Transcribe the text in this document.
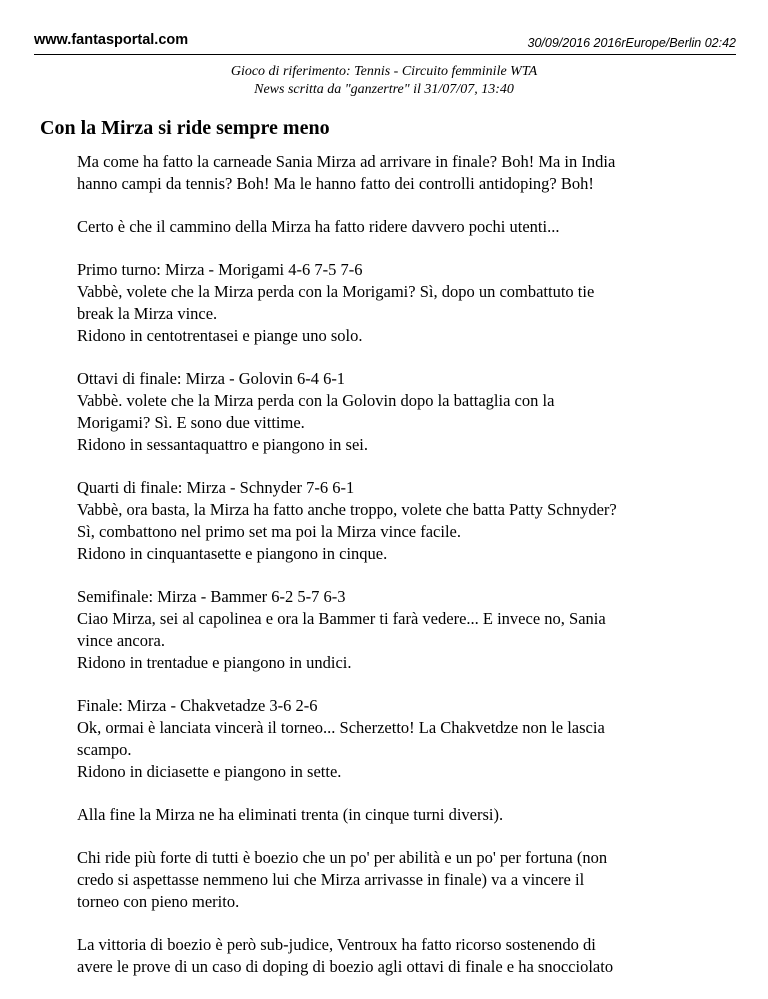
www.fantasportal.com	30/09/2016 2016rEurope/Berlin 02:42
Gioco di riferimento: Tennis - Circuito femminile WTA
News scritta da "ganzertre" il 31/07/07, 13:40
Con la Mirza si ride sempre meno

Ma come ha fatto la carneade Sania Mirza ad arrivare in finale? Boh! Ma in India
hanno campi da tennis? Boh! Ma le hanno fatto dei controlli antidoping? Boh!

Certo è che il cammino della Mirza ha fatto ridere davvero pochi utenti...

Primo turno: Mirza - Morigami 4-6 7-5 7-6
Vabbè, volete che la Mirza perda con la Morigami? Sì, dopo un combattuto tie
break la Mirza vince.
Ridono in centotrentasei e piange uno solo.

Ottavi di finale: Mirza - Golovin 6-4 6-1
Vabbè. volete che la Mirza perda con la Golovin dopo la battaglia con la
Morigami? Sì. E sono due vittime.
Ridono in sessantaquattro e piangono in sei.

Quarti di finale: Mirza - Schnyder 7-6 6-1
Vabbè, ora basta, la Mirza ha fatto anche troppo, volete che batta Patty Schnyder?
Sì, combattono nel primo set ma poi la Mirza vince facile.
Ridono in cinquantasette e piangono in cinque.

Semifinale: Mirza - Bammer 6-2 5-7 6-3
Ciao Mirza, sei al capolinea e ora la Bammer ti farà vedere... E invece no, Sania
vince ancora.
Ridono in trentadue e piangono in undici.

Finale: Mirza - Chakvetadze 3-6 2-6
Ok, ormai è lanciata vincerà il torneo... Scherzetto! La Chakvetdze non le lascia
scampo.
Ridono in diciasette e piangono in sette.

Alla fine la Mirza ne ha eliminati trenta (in cinque turni diversi).

Chi ride più forte di tutti è boezio che un po' per abilità e un po' per fortuna (non
credo si aspettasse nemmeno lui che Mirza arrivasse in finale) va a vincere il
torneo con pieno merito.

La vittoria di boezio è però sub-judice, Ventroux ha fatto ricorso sostenendo di
avere le prove di un caso di doping di boezio agli ottavi di finale e ha snocciolato
